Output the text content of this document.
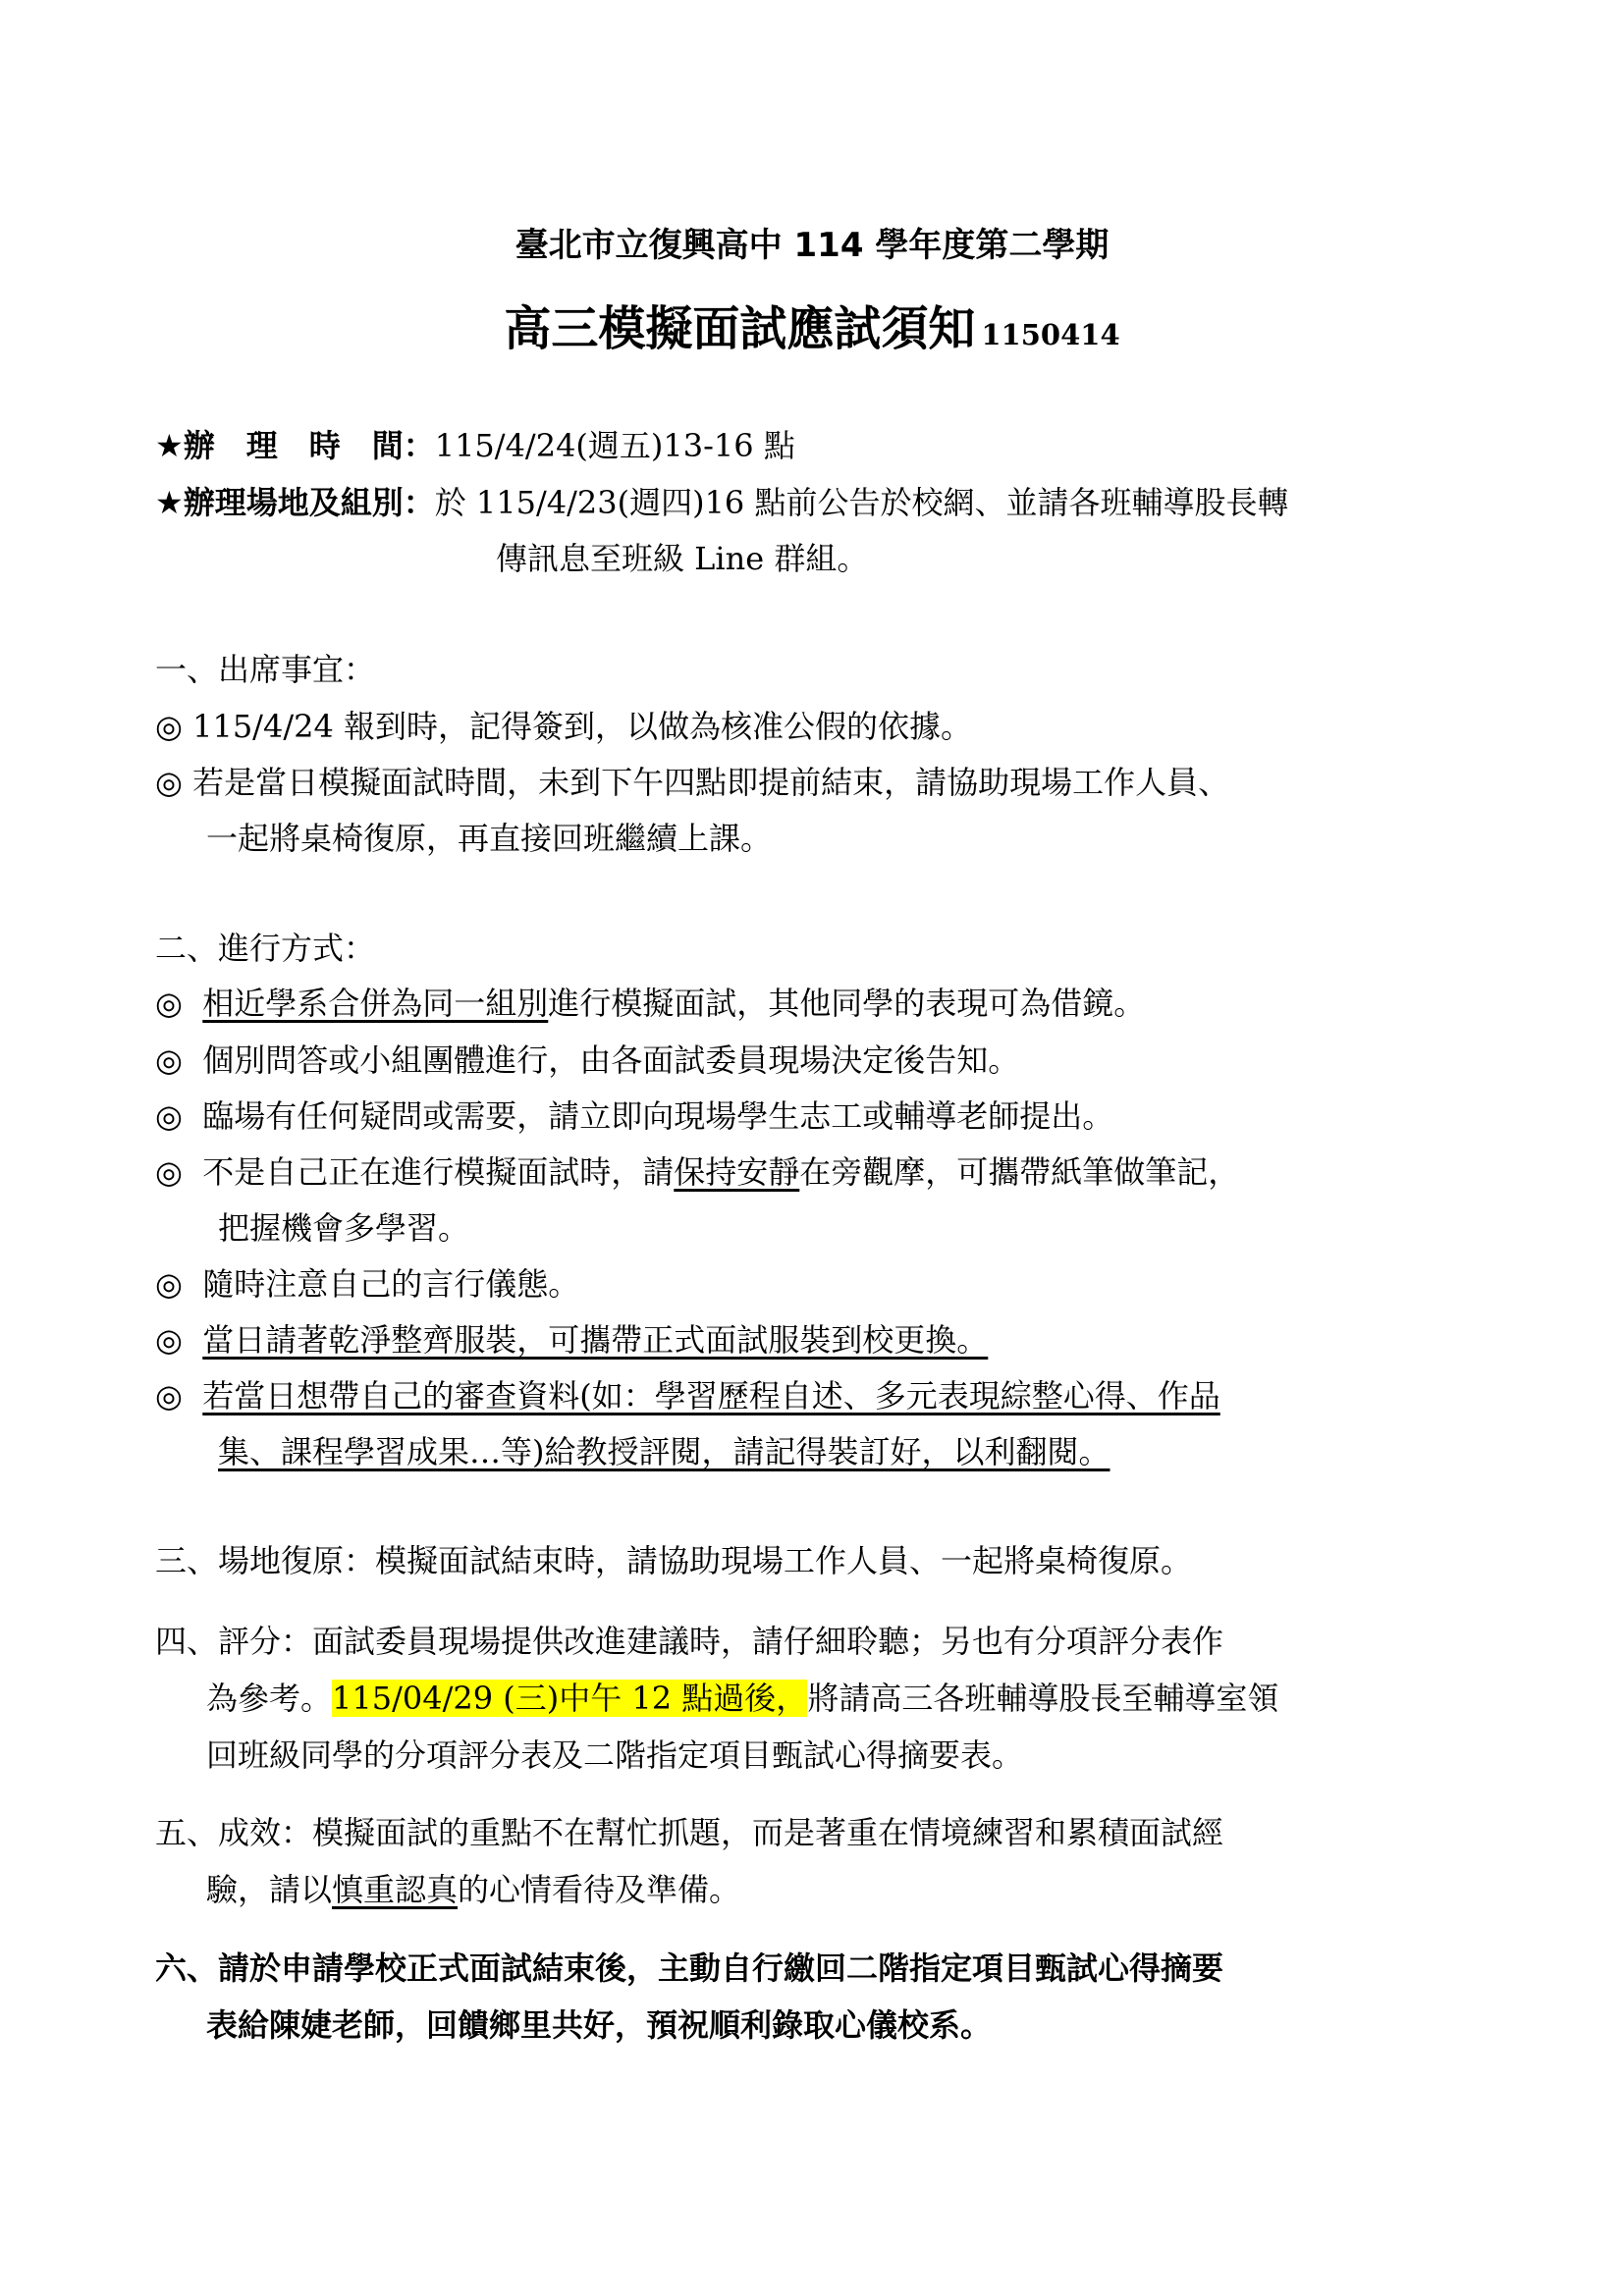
臺北市立復興高中 114 學年度第二學期
高三模擬面試應試須知 1150414
★辦　理　時　間：115/4/24(週五)13-16 點
★辦理場地及組別：於 115/4/23(週四)16 點前公告於校網、並請各班輔導股長轉
傳訊息至班級 Line 群組。
一、出席事宜：
◎ 115/4/24 報到時，記得簽到，以做為核准公假的依據。
◎ 若是當日模擬面試時間，未到下午四點即提前結束，請協助現場工作人員、
一起將桌椅復原，再直接回班繼續上課。
二、進行方式：
◎ 相近學系合併為同一組別進行模擬面試，其他同學的表現可為借鏡。
◎ 個別問答或小組團體進行，由各面試委員現場決定後告知。
◎ 臨場有任何疑問或需要，請立即向現場學生志工或輔導老師提出。
◎ 不是自己正在進行模擬面試時，請保持安靜在旁觀摩，可攜帶紙筆做筆記，
把握機會多學習。
◎ 隨時注意自己的言行儀態。
◎ 當日請著乾淨整齊服裝，可攜帶正式面試服裝到校更換。
◎ 若當日想帶自己的審查資料(如：學習歷程自述、多元表現綜整心得、作品
集、課程學習成果…等)給教授評閱，請記得裝訂好，以利翻閱。
三、場地復原：模擬面試結束時，請協助現場工作人員、一起將桌椅復原。
四、評分：面試委員現場提供改進建議時，請仔細聆聽；另也有分項評分表作
為參考。115/04/29 (三)中午 12 點過後，將請高三各班輔導股長至輔導室領
回班級同學的分項評分表及二階指定項目甄試心得摘要表。
五、成效：模擬面試的重點不在幫忙抓題，而是著重在情境練習和累積面試經
驗，請以慎重認真的心情看待及準備。
六、請於申請學校正式面試結束後，主動自行繳回二階指定項目甄試心得摘要
表給陳婕老師，回饋鄉里共好，預祝順利錄取心儀校系。
